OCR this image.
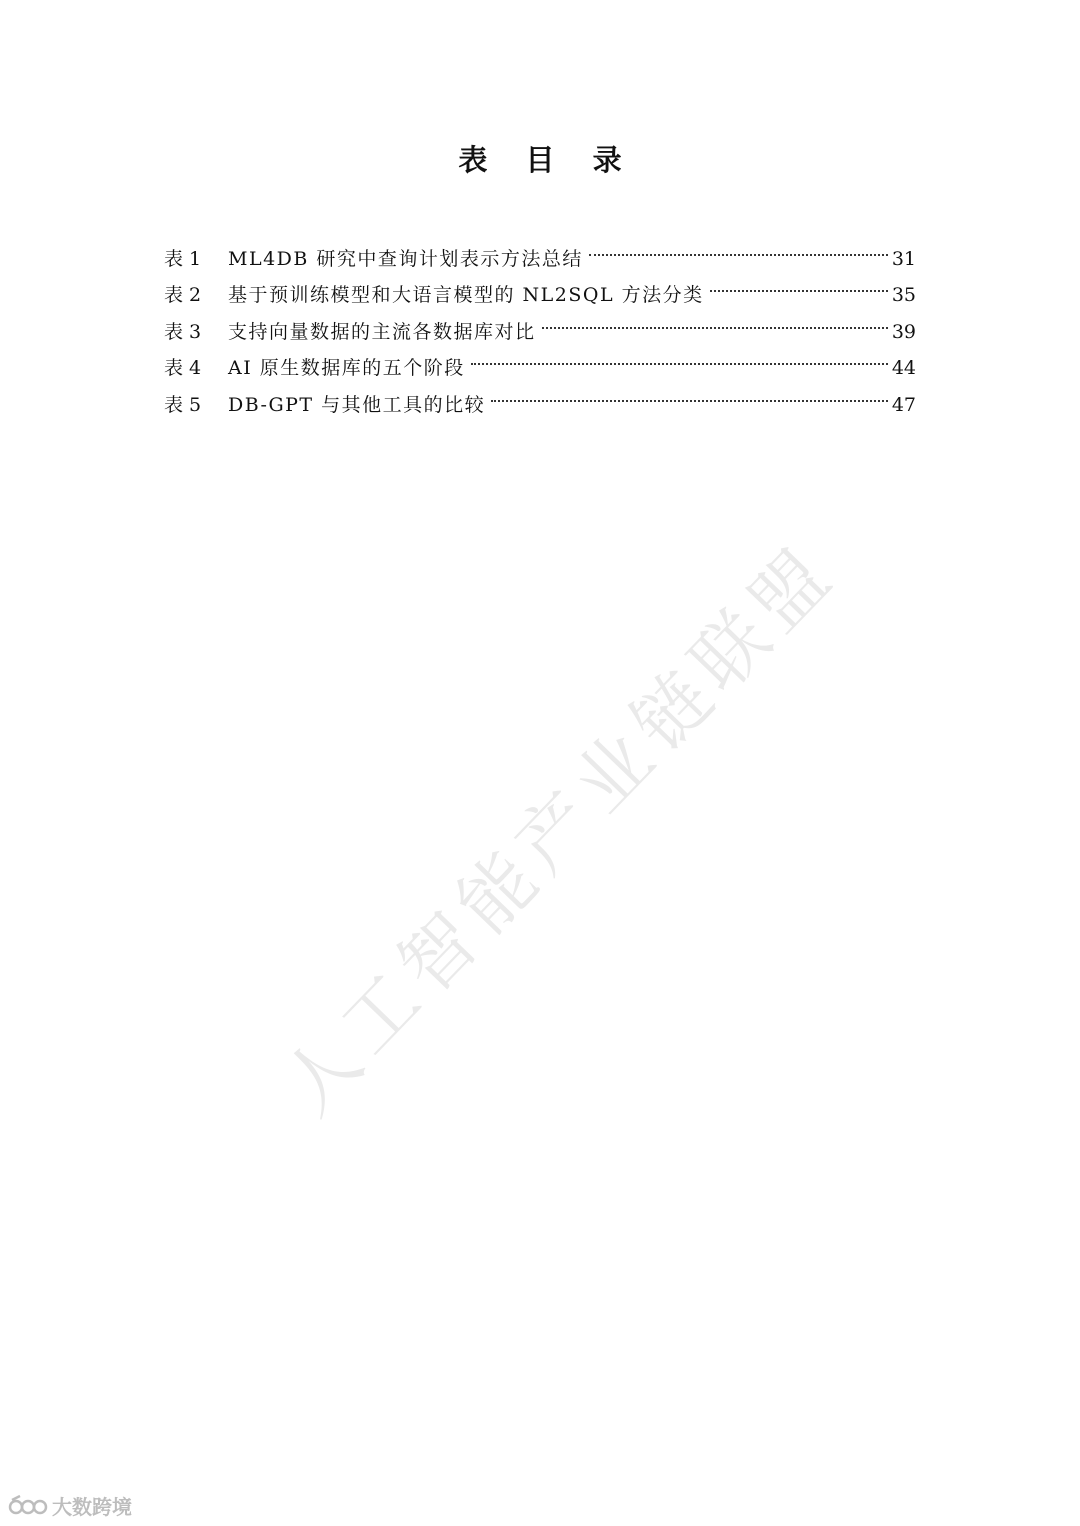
表 目 录
表 1	ML4DB 研究中查询计划表示方法总结	31
表 2	基于预训练模型和大语言模型的 NL2SQL 方法分类	35
表 3	支持向量数据的主流各数据库对比	39
表 4	AI 原生数据库的五个阶段	44
表 5	DB-GPT 与其他工具的比较	47
人工智能产业链联盟
大数跨境
